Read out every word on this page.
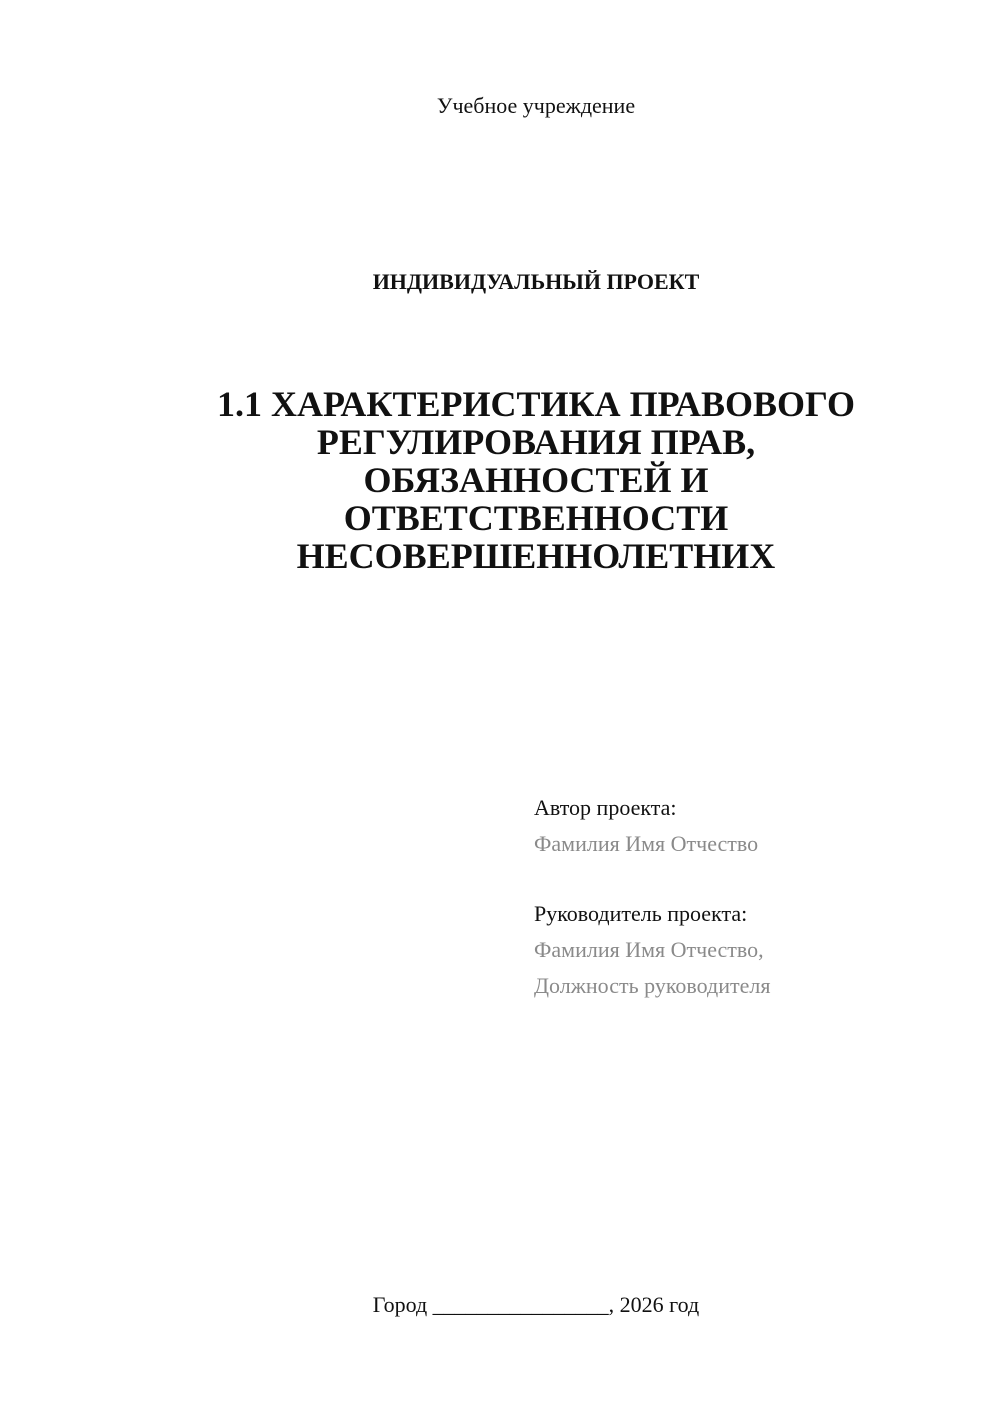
Учебное учреждение
ИНДИВИДУАЛЬНЫЙ ПРОЕКТ
1.1 ХАРАКТЕРИСТИКА ПРАВОВОГО
РЕГУЛИРОВАНИЯ ПРАВ,
ОБЯЗАННОСТЕЙ И
ОТВЕТСТВЕННОСТИ
НЕСОВЕРШЕННОЛЕТНИХ
Автор проекта:
Фамилия Имя Отчество
Руководитель проекта:
Фамилия Имя Отчество,
Должность руководителя
Город ________________, 2026 год
